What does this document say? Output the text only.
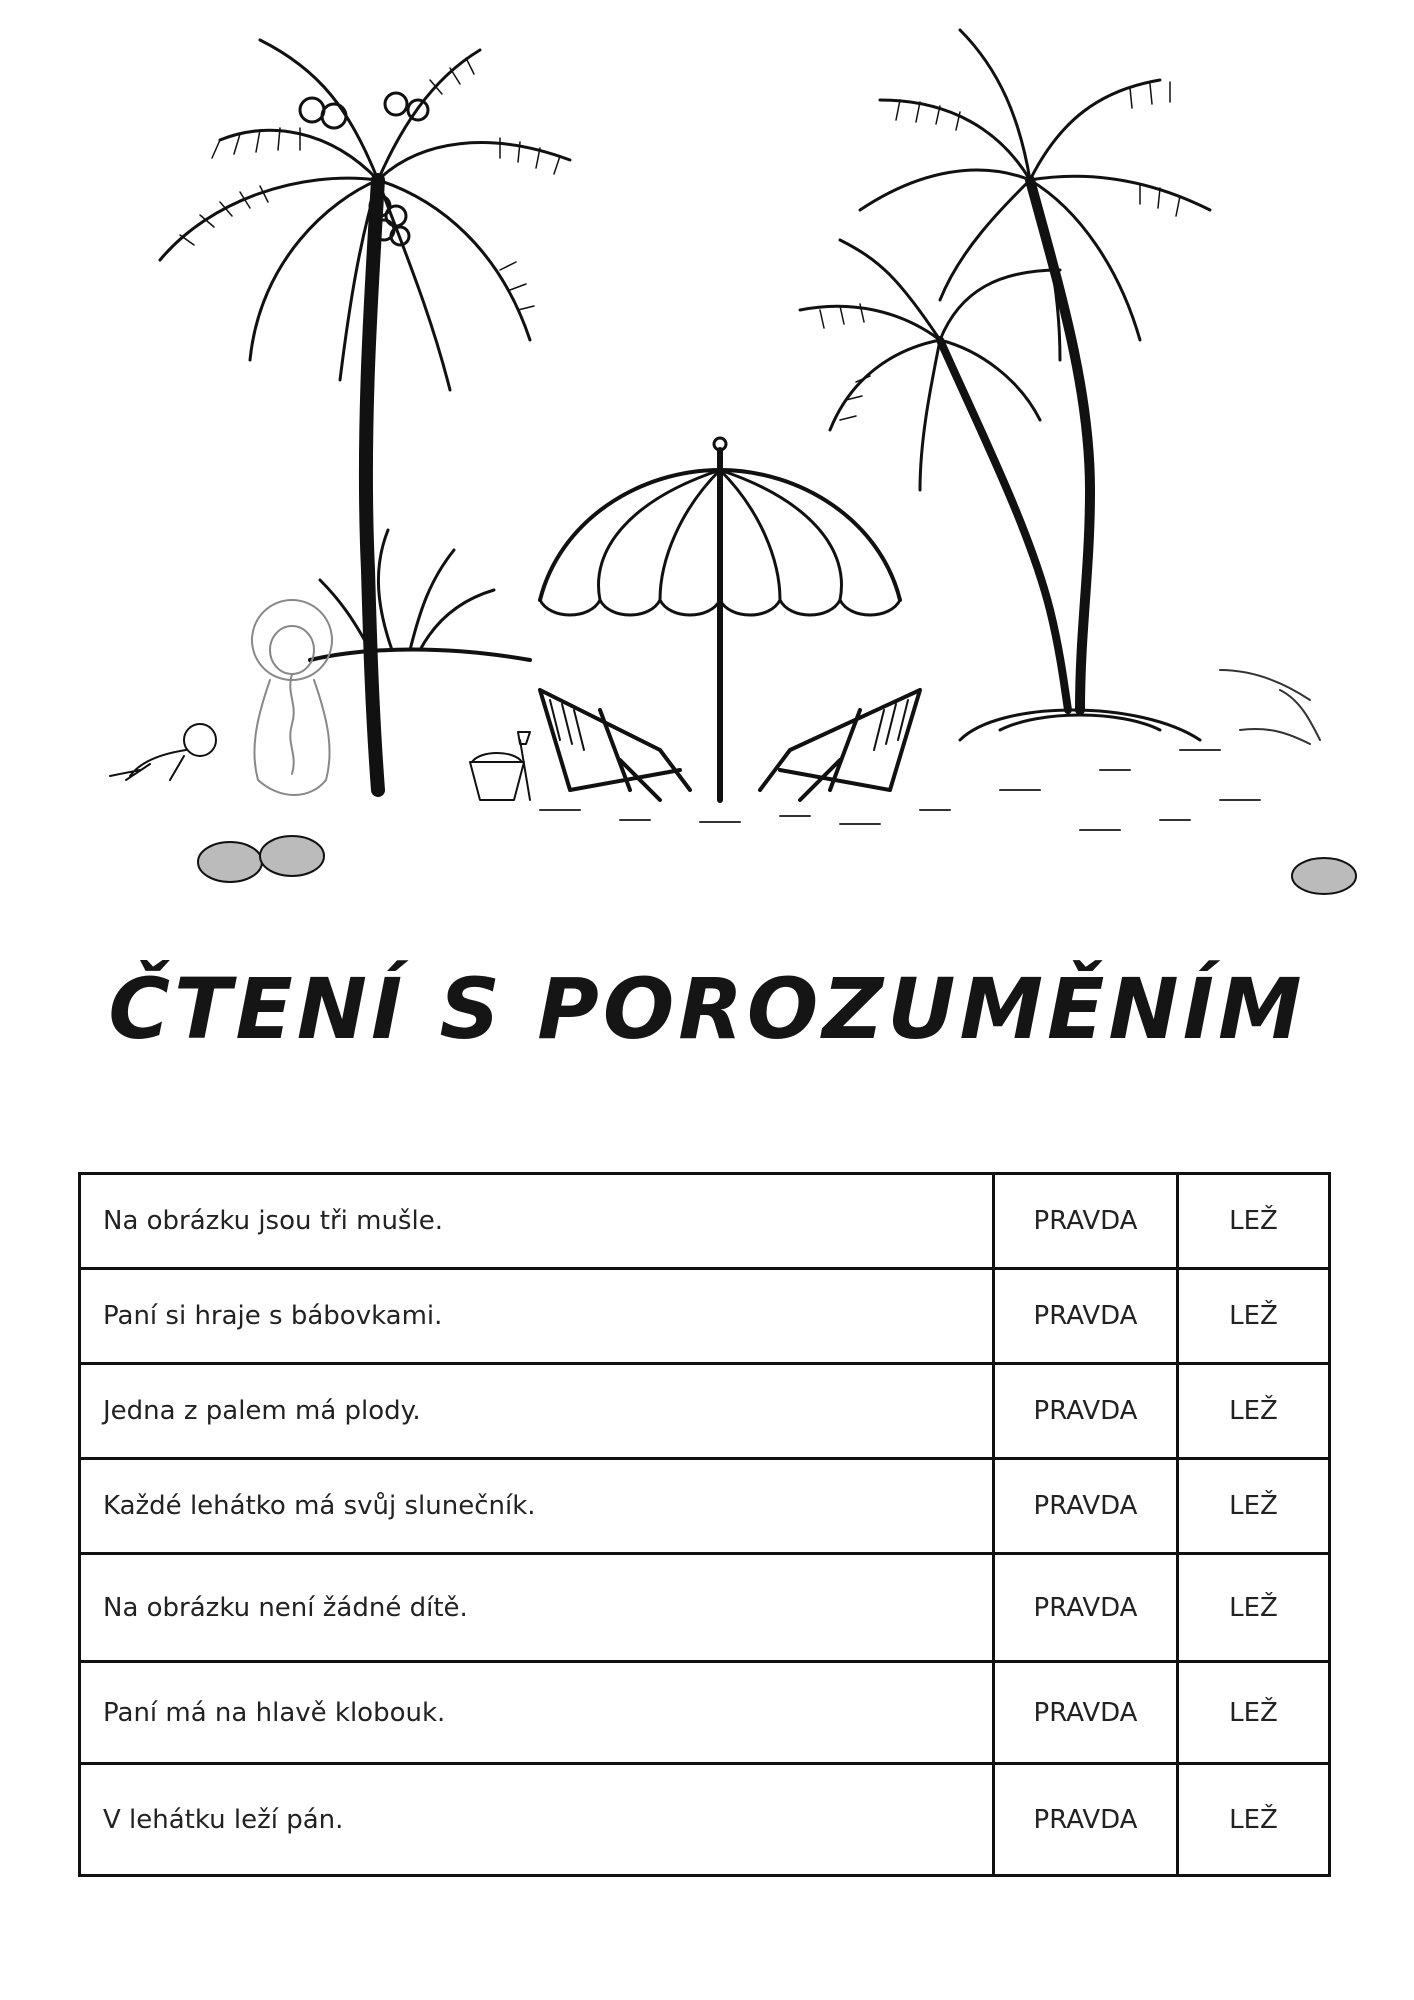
ČTENÍ S POROZUMĚNÍM
Na obrázku jsou tři mušle.	PRAVDA	LEŽ
Paní si hraje s bábovkami.	PRAVDA	LEŽ
Jedna z palem má plody.	PRAVDA	LEŽ
Každé lehátko má svůj slunečník.	PRAVDA	LEŽ
Na obrázku není žádné dítě.	PRAVDA	LEŽ
Paní má na hlavě klobouk.	PRAVDA	LEŽ
V lehátku leží pán.	PRAVDA	LEŽ
